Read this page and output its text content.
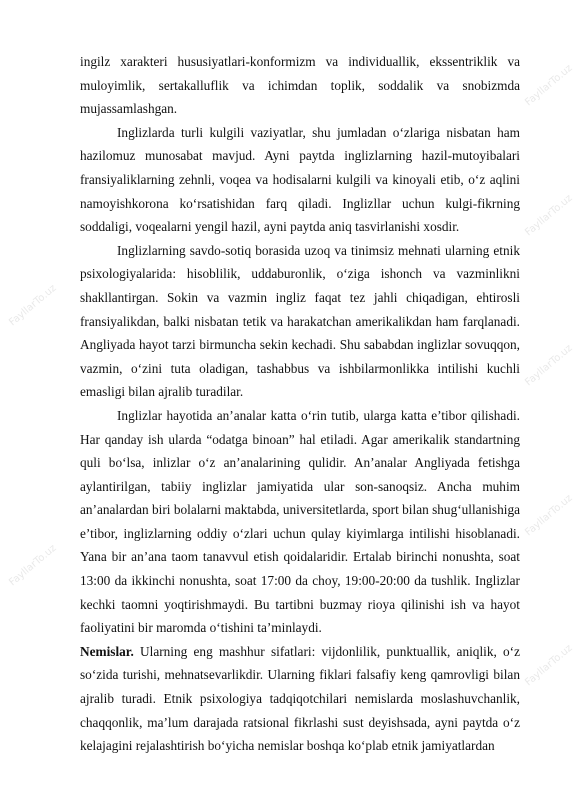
FayllarTo.uz
FayllarTo.uz
FayllarTo.uz
FayllarTo.uz
FayllarTo.uz
FayllarTo.uz
FayllarTo.uz

ingilz xarakteri hususiyatlari-konformizm va individuallik, ekssentriklik va muloyimlik, sertakalluflik va ichimdan toplik, soddalik va snobizmda mujassamlashgan.

Inglizlarda turli kulgili vaziyatlar, shu jumladan o‘zlariga nisbatan ham hazilomuz munosabat mavjud. Ayni paytda inglizlarning hazil-mutoyibalari fransiyaliklarning zehnli, voqea va hodisalarni kulgili va kinoyali etib, o‘z aqlini namoyishkorona ko‘rsatishidan farq qiladi. Inglizllar uchun kulgi-fikrning soddaligi, voqealarni yengil hazil, ayni paytda aniq tasvirlanishi xosdir.

Inglizlarning savdo-sotiq borasida uzoq va tinimsiz mehnati ularning etnik psixologiyalarida: hisoblilik, uddaburonlik, o‘ziga ishonch va vazminlikni shakllantirgan. Sokin va vazmin ingliz faqat tez jahli chiqadigan, ehtirosli fransiyalikdan, balki nisbatan tetik va harakatchan amerikalikdan ham farqlanadi. Angliyada hayot tarzi birmuncha sekin kechadi. Shu sababdan inglizlar sovuqqon, vazmin, o‘zini tuta oladigan, tashabbus va ishbilarmonlikka intilishi kuchli emasligi bilan ajralib turadilar.

Inglizlar hayotida an’analar katta o‘rin tutib, ularga katta e’tibor qilishadi. Har qanday ish ularda “odatga binoan” hal etiladi. Agar amerikalik standartning quli bo‘lsa, inlizlar o‘z an’analarining qulidir. An’analar Angliyada fetishga aylantirilgan, tabiiy inglizlar jamiyatida ular son-sanoqsiz. Ancha muhim an’analardan biri bolalarni maktabda, universitetlarda, sport bilan shug‘ullanishiga e’tibor, inglizlarning oddiy o‘zlari uchun qulay kiyimlarga intilishi hisoblanadi. Yana bir an’ana taom tanavvul etish qoidalaridir. Ertalab birinchi nonushta, soat 13:00 da ikkinchi nonushta, soat 17:00 da choy, 19:00-20:00 da tushlik. Inglizlar kechki taomni yoqtirishmaydi. Bu tartibni buzmay rioya qilinishi ish va hayot faoliyatini bir maromda o‘tishini ta’minlaydi.

Nemislar. Ularning eng mashhur sifatlari: vijdonlilik, punktuallik, aniqlik, o‘z so‘zida turishi, mehnatsevarlikdir. Ularning fiklari falsafiy keng qamrovligi bilan ajralib turadi. Etnik psixologiya tadqiqotchilari nemislarda moslashuvchanlik, chaqqonlik, ma’lum darajada ratsional fikrlashi sust deyishsada, ayni paytda o‘z kelajagini rejalashtirish bo‘yicha nemislar boshqa ko‘plab etnik jamiyatlardan
